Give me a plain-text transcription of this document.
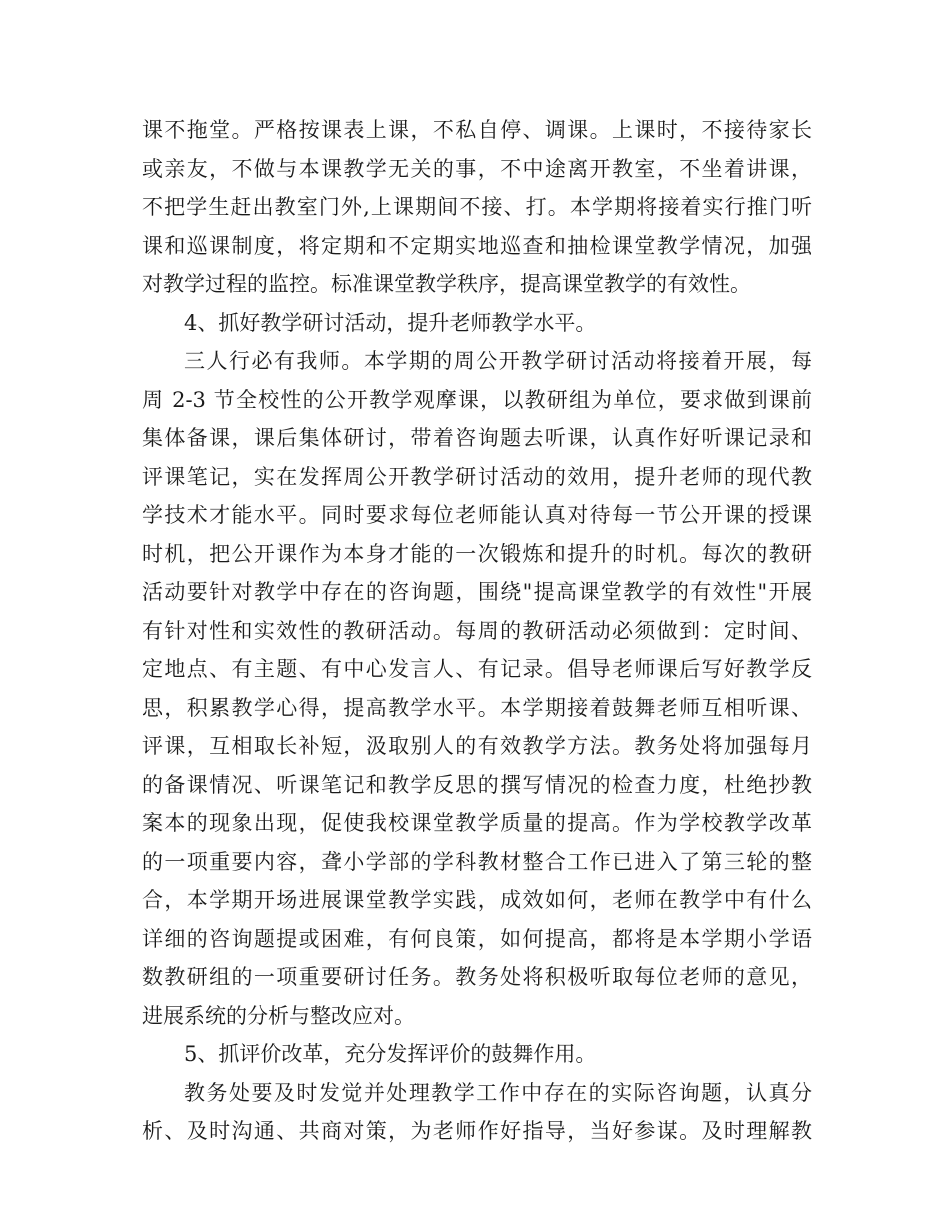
课不拖堂。严格按课表上课，不私自停、调课。上课时，不接待家长
或亲友，不做与本课教学无关的事，不中途离开教室，不坐着讲课，
不把学生赶出教室门外,上课期间不接、打。本学期将接着实行推门听
课和巡课制度，将定期和不定期实地巡查和抽检课堂教学情况，加强
对教学过程的监控。标准课堂教学秩序，提高课堂教学的有效性。
4、抓好教学研讨活动，提升老师教学水平。
三人行必有我师。本学期的周公开教学研讨活动将接着开展，每
周 2-3 节全校性的公开教学观摩课，以教研组为单位，要求做到课前
集体备课，课后集体研讨，带着咨询题去听课，认真作好听课记录和
评课笔记，实在发挥周公开教学研讨活动的效用，提升老师的现代教
学技术才能水平。同时要求每位老师能认真对待每一节公开课的授课
时机，把公开课作为本身才能的一次锻炼和提升的时机。每次的教研
活动要针对教学中存在的咨询题，围绕"提高课堂教学的有效性"开展
有针对性和实效性的教研活动。每周的教研活动必须做到：定时间、
定地点、有主题、有中心发言人、有记录。倡导老师课后写好教学反
思，积累教学心得，提高教学水平。本学期接着鼓舞老师互相听课、
评课，互相取长补短，汲取别人的有效教学方法。教务处将加强每月
的备课情况、听课笔记和教学反思的撰写情况的检查力度，杜绝抄教
案本的现象出现，促使我校课堂教学质量的提高。作为学校教学改革
的一项重要内容，聋小学部的学科教材整合工作已进入了第三轮的整
合，本学期开场进展课堂教学实践，成效如何，老师在教学中有什么
详细的咨询题提或困难，有何良策，如何提高，都将是本学期小学语
数教研组的一项重要研讨任务。教务处将积极听取每位老师的意见，
进展系统的分析与整改应对。
5、抓评价改革，充分发挥评价的鼓舞作用。
教务处要及时发觉并处理教学工作中存在的实际咨询题，认真分
析、及时沟通、共商对策，为老师作好指导，当好参谋。及时理解教
